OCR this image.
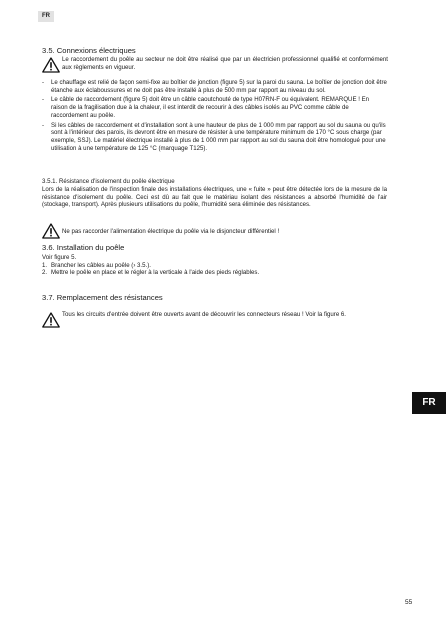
FR
3.5. Connexions électriques
Le raccordement du poêle au secteur ne doit être réalisé que par un électricien professionnel qualifié et conformément aux règlements en vigueur.
- Le chauffage est relié de façon semi-fixe au boîtier de jonction (figure 5) sur la paroi du sauna. Le boîtier de jonction doit être étanche aux éclaboussures et ne doit pas être installé à plus de 500 mm par rapport au niveau du sol.
- Le câble de raccordement (figure 5) doit être un câble caoutchouté de type H07RN-F ou équivalent. REMARQUE ! En raison de la fragilisation due à la chaleur, il est interdit de recourir à des câbles isolés au PVC comme câble de raccordement au poêle.
- Si les câbles de raccordement et d'installation sont à une hauteur de plus de 1 000 mm par rapport au sol du sauna ou qu'ils sont à l'intérieur des parois, ils devront être en mesure de résister à une température minimum de 170 °C sous charge (par exemple, SSJ). Le matériel électrique installé à plus de 1 000 mm par rapport au sol du sauna doit être homologué pour une utilisation à une température de 125 °C (marquage T125).
3.5.1. Résistance d'isolement du poêle électrique
Lors de la réalisation de l'inspection finale des installations électriques, une « fuite » peut être détectée lors de la mesure de la résistance d'isolement du poêle. Ceci est dû au fait que le matériau isolant des résistances a absorbé l'humidité de l'air (stockage, transport). Après plusieurs utilisations du poêle, l'humidité sera éliminée des résistances.
Ne pas raccorder l'alimentation électrique du poêle via le disjoncteur différentiel !
3.6. Installation du poêle
Voir figure 5.
1. Brancher les câbles au poêle (› 3.5.).
2. Mettre le poêle en place et le régler à la verticale à l'aide des pieds réglables.
3.7. Remplacement des résistances
Tous les circuits d'entrée doivent être ouverts avant de découvrir les connecteurs réseau ! Voir la figure 6.
FR
55
